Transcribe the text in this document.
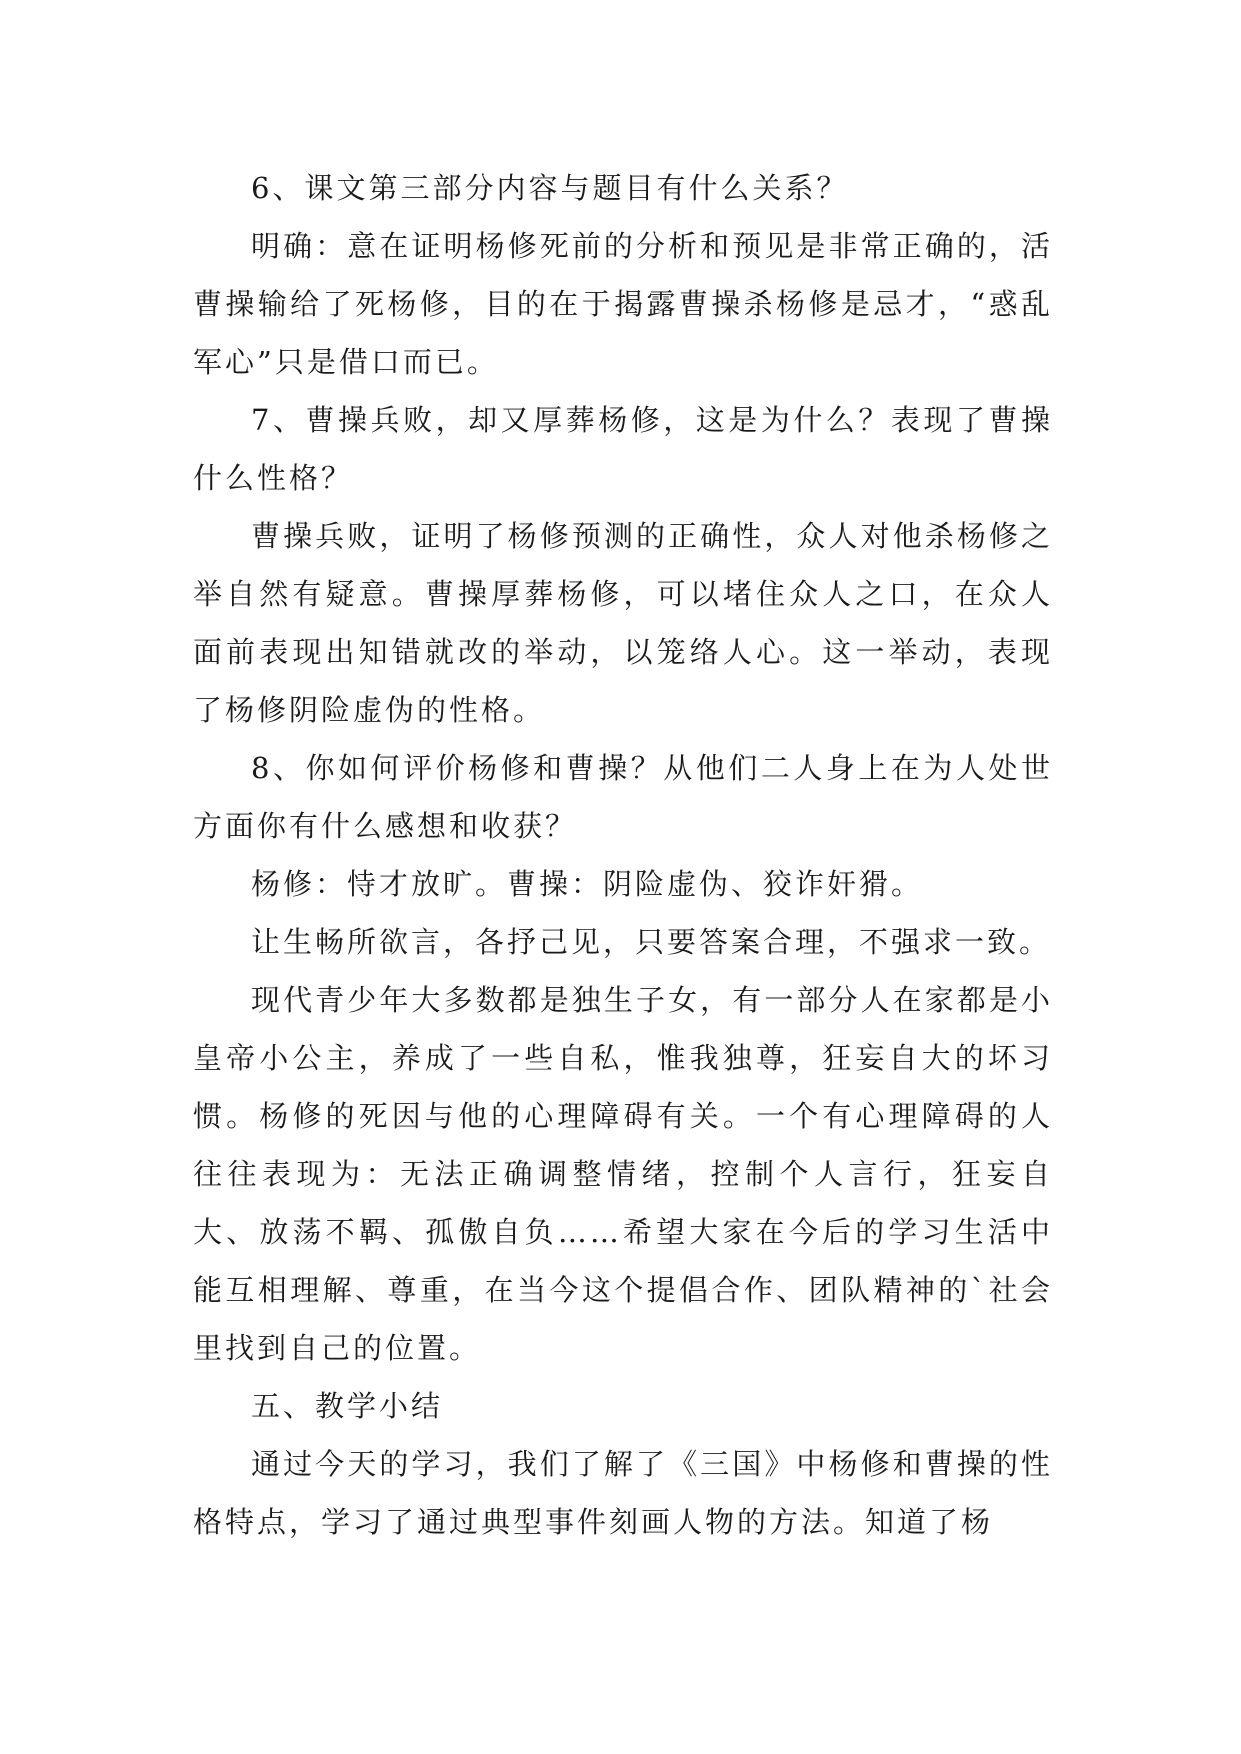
6、课文第三部分内容与题目有什么关系？

明确：意在证明杨修死前的分析和预见是非常正确的，活曹操输给了死杨修，目的在于揭露曹操杀杨修是忌才，“惑乱军心”只是借口而已。

7、曹操兵败，却又厚葬杨修，这是为什么？表现了曹操什么性格？

曹操兵败，证明了杨修预测的正确性，众人对他杀杨修之举自然有疑意。曹操厚葬杨修，可以堵住众人之口，在众人面前表现出知错就改的举动，以笼络人心。这一举动，表现了杨修阴险虚伪的性格。

8、你如何评价杨修和曹操？从他们二人身上在为人处世方面你有什么感想和收获？

杨修：恃才放旷。曹操：阴险虚伪、狡诈奸猾。

让生畅所欲言，各抒己见，只要答案合理，不强求一致。

现代青少年大多数都是独生子女，有一部分人在家都是小皇帝小公主，养成了一些自私，惟我独尊，狂妄自大的坏习惯。杨修的死因与他的心理障碍有关。一个有心理障碍的人往往表现为：无法正确调整情绪，控制个人言行，狂妄自大、放荡不羁、孤傲自负……希望大家在今后的学习生活中能互相理解、尊重，在当今这个提倡合作、团队精神的`社会里找到自己的位置。

五、教学小结

通过今天的学习，我们了解了《三国》中杨修和曹操的性格特点，学习了通过典型事件刻画人物的方法。知道了杨
